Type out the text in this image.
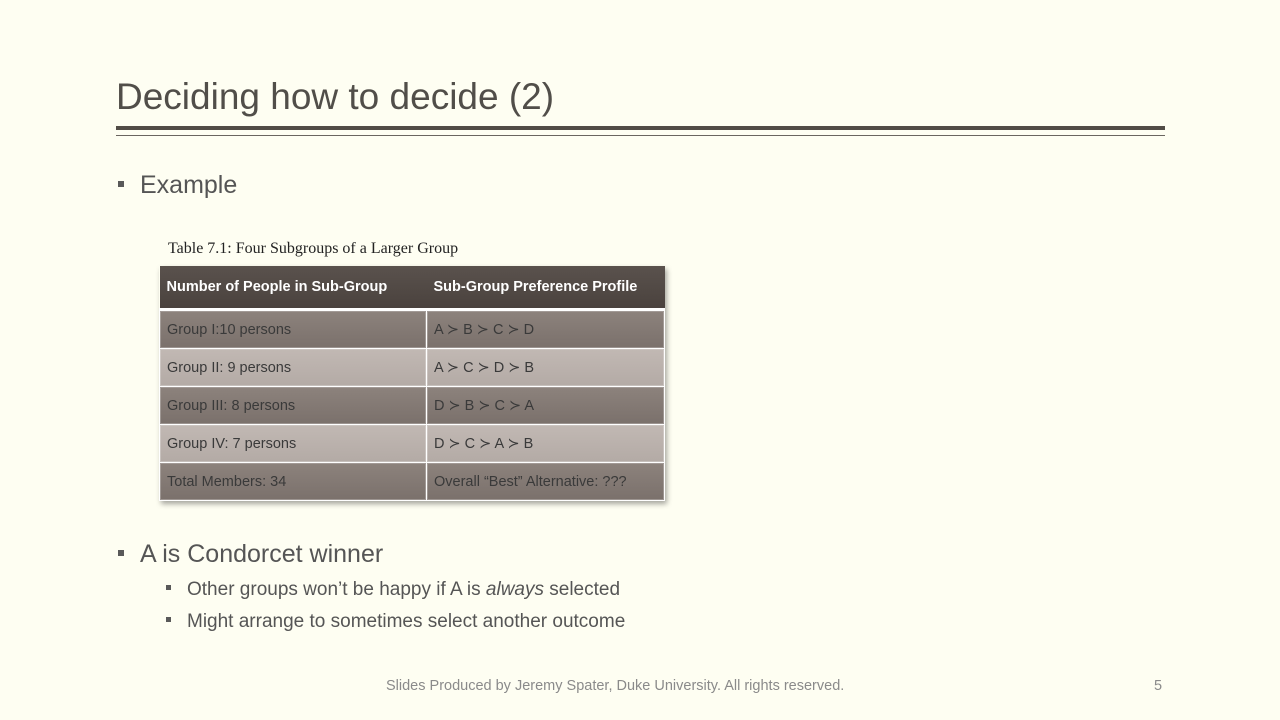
Deciding how to decide (2)
Example
Table 7.1: Four Subgroups of a Larger Group
Number of People in Sub-Group	Sub-Group Preference Profile
Group I:10 persons	A ≻ B ≻ C ≻ D
Group II: 9 persons	A ≻ C ≻ D ≻ B
Group III: 8 persons	D ≻ B ≻ C ≻ A
Group IV: 7 persons	D ≻ C ≻ A ≻ B
Total Members: 34	Overall “Best” Alternative: ???
A is Condorcet winner
Other groups won’t be happy if A is always selected
Might arrange to sometimes select another outcome
Slides Produced by Jeremy Spater, Duke University. All rights reserved.	5
